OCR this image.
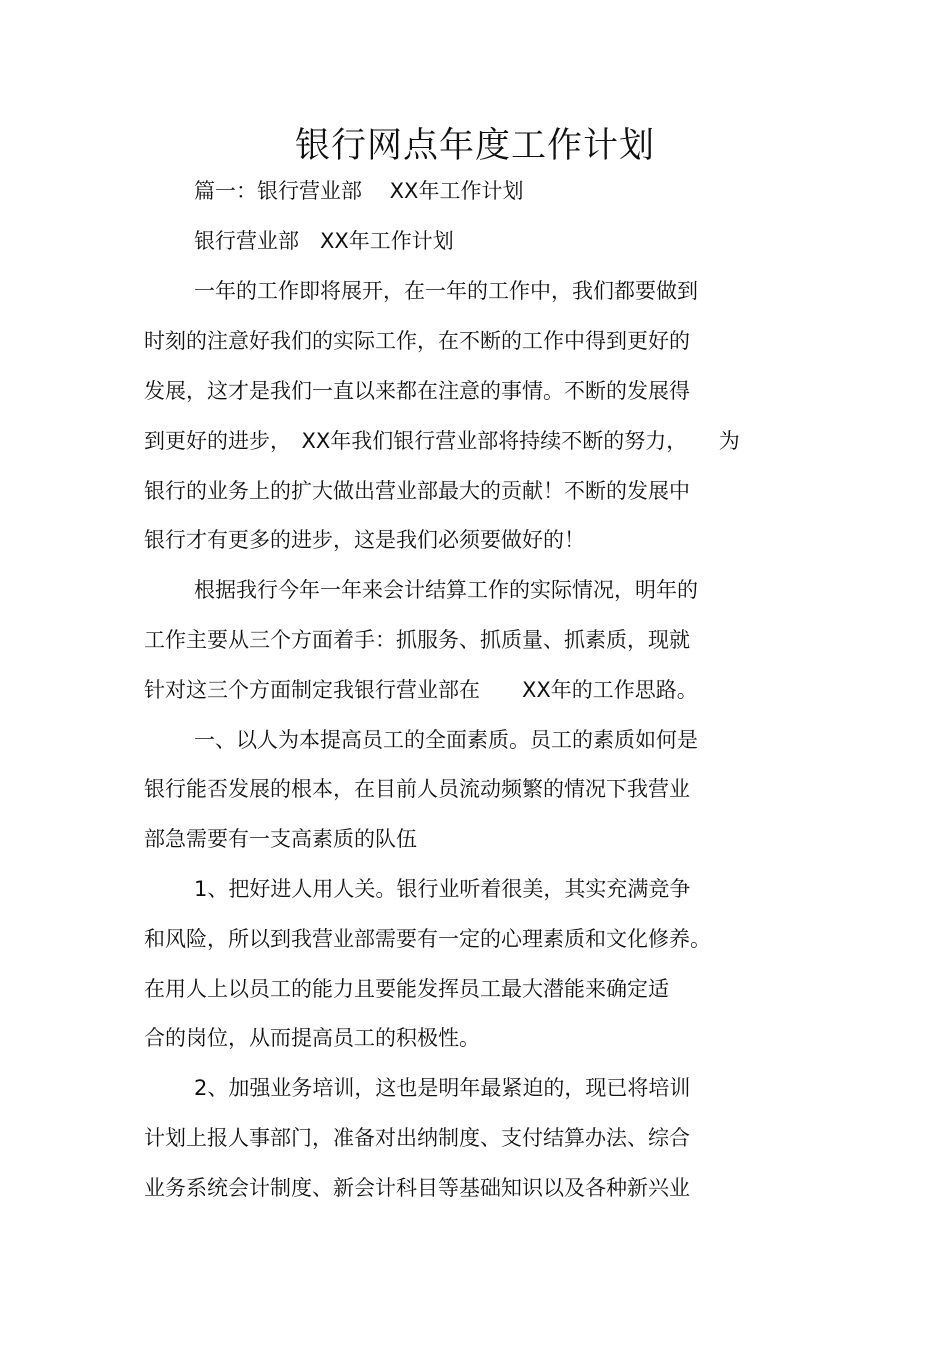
银行网点年度工作计划

篇一：银行营业部　 XX年工作计划

银行营业部　XX年工作计划

一年的工作即将展开，在一年的工作中，我们都要做到

时刻的注意好我们的实际工作，在不断的工作中得到更好的

发展，这才是我们一直以来都在注意的事情。不断的发展得

到更好的进步，　XX年我们银行营业部将持续不断的努力，　　为

银行的业务上的扩大做出营业部最大的贡献！不断的发展中

银行才有更多的进步，这是我们必须要做好的！

根据我行今年一年来会计结算工作的实际情况，明年的

工作主要从三个方面着手：抓服务、抓质量、抓素质，现就

针对这三个方面制定我银行营业部在　　XX年的工作思路。

一、以人为本提高员工的全面素质。员工的素质如何是

银行能否发展的根本，在目前人员流动频繁的情况下我营业

部急需要有一支高素质的队伍

1、把好进人用人关。银行业听着很美，其实充满竞争

和风险，所以到我营业部需要有一定的心理素质和文化修养。

在用人上以员工的能力且要能发挥员工最大潜能来确定适

合的岗位，从而提高员工的积极性。

2、加强业务培训，这也是明年最紧迫的，现已将培训

计划上报人事部门，准备对出纳制度、支付结算办法、综合

业务系统会计制度、新会计科目等基础知识以及各种新兴业
